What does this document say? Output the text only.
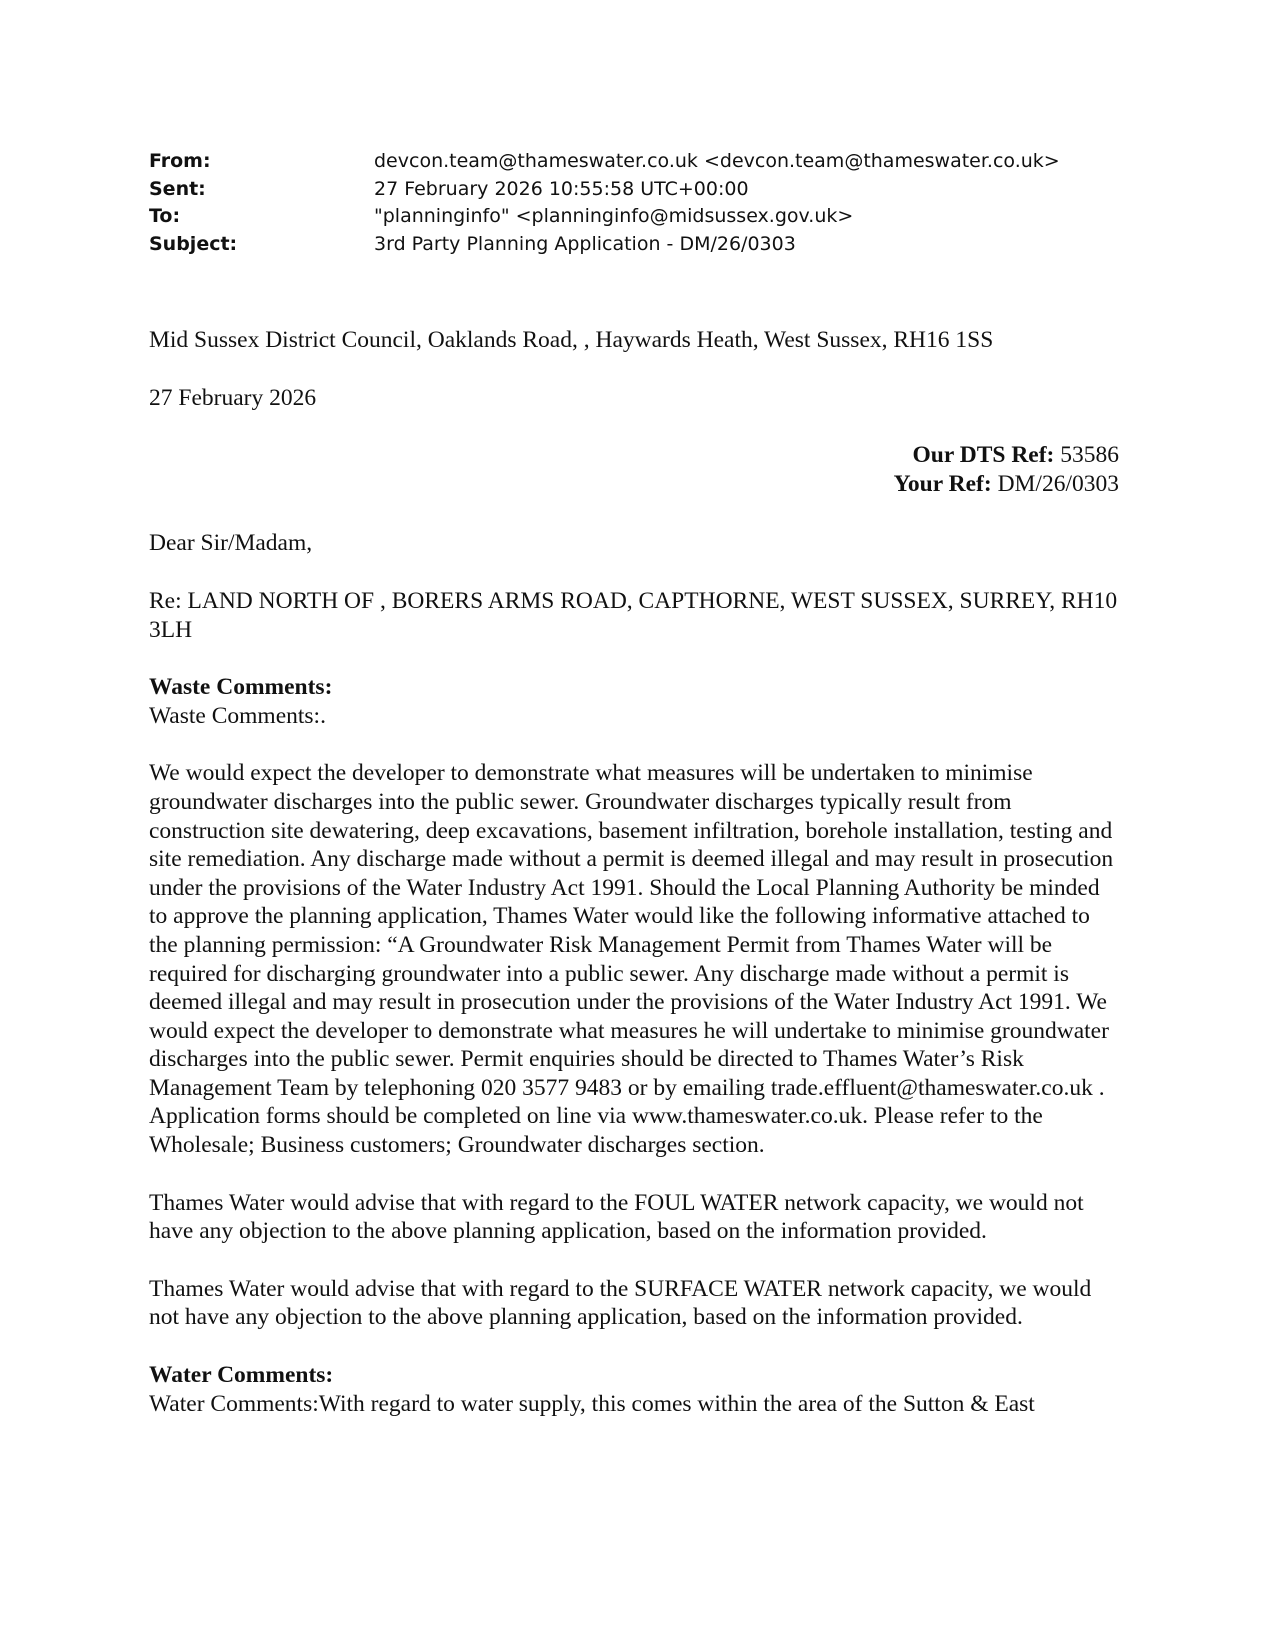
From:	devcon.team@thameswater.co.uk <devcon.team@thameswater.co.uk>
Sent:	27 February 2026 10:55:58 UTC+00:00
To:	"planninginfo" <planninginfo@midsussex.gov.uk>
Subject:	3rd Party Planning Application - DM/26/0303

Mid Sussex District Council, Oaklands Road, , Haywards Heath, West Sussex, RH16 1SS

27 February 2026

Our DTS Ref: 53586
Your Ref: DM/26/0303

Dear Sir/Madam,

Re: LAND NORTH OF , BORERS ARMS ROAD, CAPTHORNE, WEST SUSSEX, SURREY, RH10 3LH

Waste Comments:

Waste Comments:.

We would expect the developer to demonstrate what measures will be undertaken to minimise groundwater discharges into the public sewer. Groundwater discharges typically result from construction site dewatering, deep excavations, basement infiltration, borehole installation, testing and site remediation. Any discharge made without a permit is deemed illegal and may result in prosecution under the provisions of the Water Industry Act 1991. Should the Local Planning Authority be minded to approve the planning application, Thames Water would like the following informative attached to the planning permission: “A Groundwater Risk Management Permit from Thames Water will be required for discharging groundwater into a public sewer. Any discharge made without a permit is deemed illegal and may result in prosecution under the provisions of the Water Industry Act 1991. We would expect the developer to demonstrate what measures he will undertake to minimise groundwater discharges into the public sewer. Permit enquiries should be directed to Thames Water’s Risk Management Team by telephoning 020 3577 9483 or by emailing trade.effluent@thameswater.co.uk . Application forms should be completed on line via www.thameswater.co.uk. Please refer to the Wholesale; Business customers; Groundwater discharges section.

Thames Water would advise that with regard to the FOUL WATER network capacity, we would not have any objection to the above planning application, based on the information provided.

Thames Water would advise that with regard to the SURFACE WATER network capacity, we would not have any objection to the above planning application, based on the information provided.

Water Comments:

Water Comments:With regard to water supply, this comes within the area of the Sutton & East
